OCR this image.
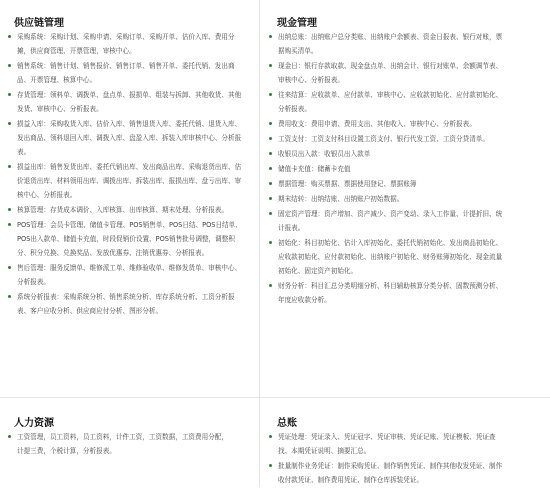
供应链管理
采购系统：采购计划、采购申请、采购订单、采购开单、估价入库、费用分摊，供应商管理、开票管理，审核中心。
销售系统：销售计划、销售报价、销售订单、销售开单、委托代销、发出商品、开票管理、核算中心。
存货管理：领料单、调拨单、盘点单、报损单、组装与拆卸、其他收货、其他发货、审核中心、分析报表。
损益入库：采购收货入库、估价入库、销售退货入库、委托代销、退货入库、发出商品、领料退回入库、调拨入库、盘盈入库、拆装入库审核中心、分析报表。
损益出库：销售发货出库、委托代销出库、发出商品出库、采购退货出库、估价退货出库、材料领用出库、调拨出库、拆装出库、报损出库、盘亏出库、审核中心、分析报表。
核算管理：存货成本调价、入库核算、出库核算、期末处理、分析报表。
POS管理：会员卡管理、储值卡管理、POS销售单、POS日结、POS日结单、POS出入款单、储值卡充值，时段促销价设置、POS销售批号调整，调整积分、积分兑换、兑换奖品、发放优惠券、注销优惠券、分析报表。
售后管理：服务反馈单、维修派工单、维修验收单、维修发货单、审核中心、分析报表。
系统分析报表：采购系统分析、销售系统分析、库存系统分析、工资分析报表、客户应收分析、供应商应付分析、图形分析。
现金管理
出纳总账：出纳账户总分类账、出纳账户余额表、资金日报表、银行对账，票据购买清单。
现金日：银行存款取款、现金盘点单、出纳会计、银行对账单、余额调节表、审核中心、分析报表。
往来结算：应收款单、应付款单、审核中心、应收款初始化、应付款初始化、分析报表。
费用收支：费用申请、费用支出、其他收入、审核中心、分析报表。
工资支付：工资支付科目设置工资支付、银行代发工资、工资分贷清单。
收银员出入款：收银员出入款单
储值卡充值：储蓄卡充值
票据管理：购买票据、票据使用登记、票据账簿
期末结转：出纳结账、出纳账户初始数据。
固定资产管理：资产增加、资产减少、资产变动、录入工作量、计提折旧、统计报表。
初始化：科目初始化、估计入库初始化、委托代销初始化、发出商品初始化、应收款初始化、应付款初始化、出纳账户初始化、财务账簿初始化、现金流量初始化、固定资产初始化。
财务分析：科目汇总分类明细分析、科目辅助核算分类分析、固数预测分析、年度应收款分析。
人力资源
工资管理，员工资料，员工资料，计件工资，工资数据，工资费用分配，计提三费，个税计算，分析报表。
总账
凭证处理：凭证录入、凭证冠字、凭证审核、凭证记账、凭证模板、凭证查找、本期凭证说明、摘要汇总。
批量制作业务凭证：制作采购凭证、制作销售凭证、制作其他收发凭证、制作收付款凭证、制作费用凭证、制作仓库拆装凭证。
